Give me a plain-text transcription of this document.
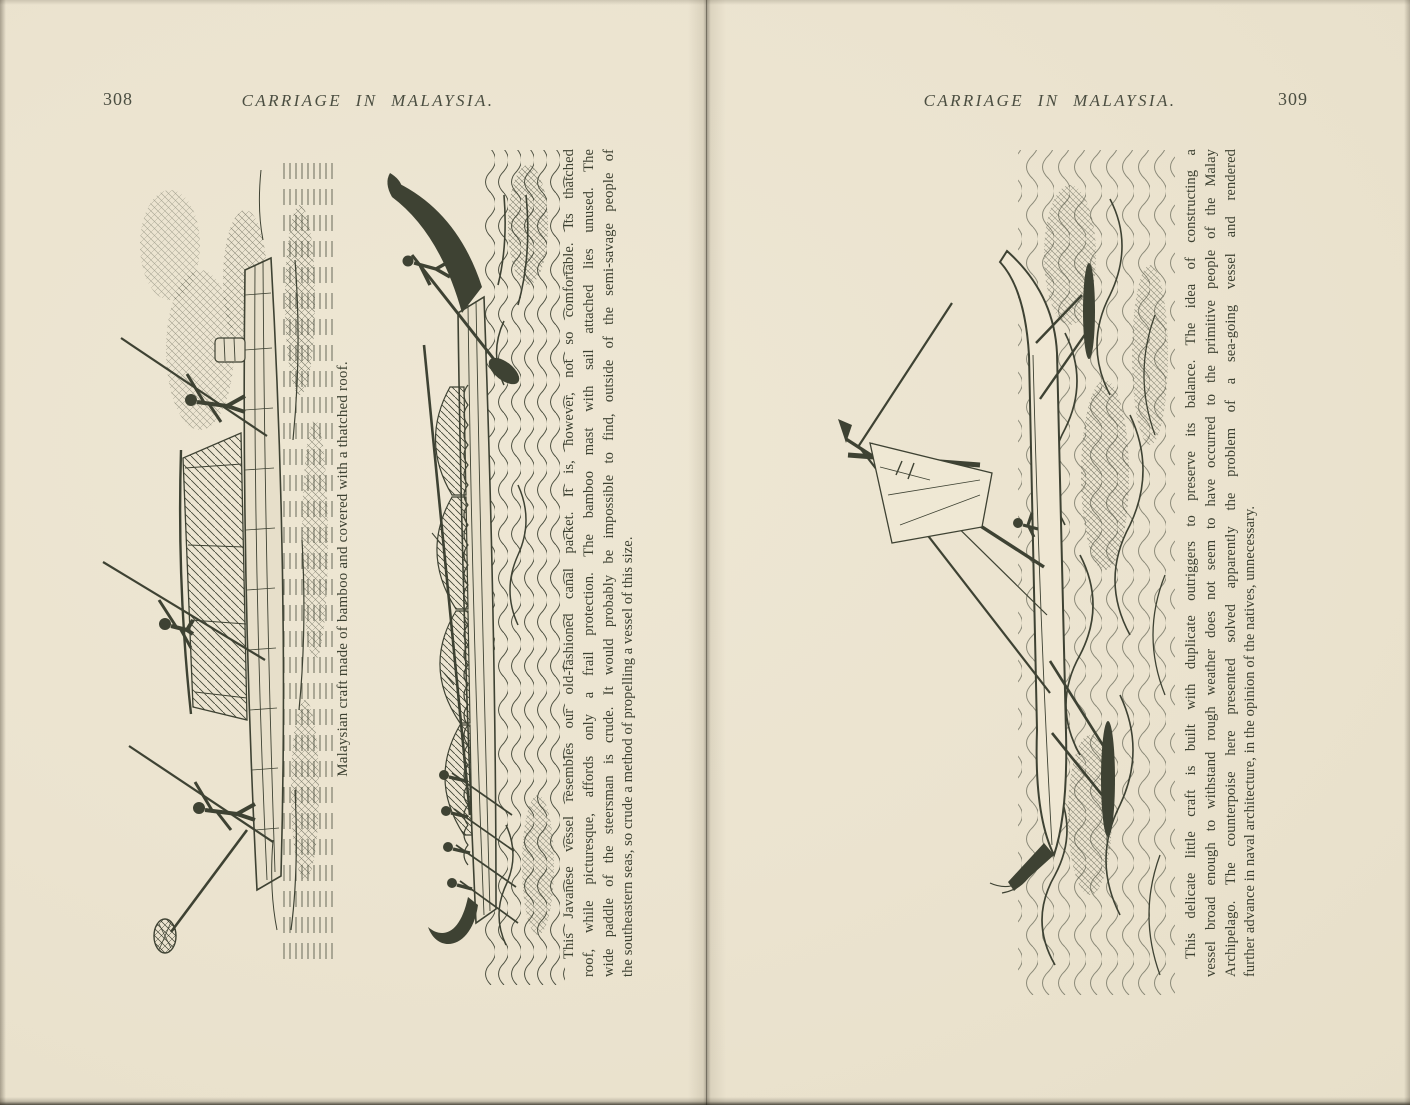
308	CARRIAGE IN MALAYSIA.	CARRIAGE IN MALAYSIA.	309
Malaysian craft made of bamboo and covered with a thatched roof.	This Javanese vessel resembles our old-fashioned canal packet. It is, however, not so comfortable. Its thatched roof, while picturesque, affords only a frail protection. The bamboo mast with sail attached lies unused. The wide paddle of the steersman is crude. It would probably be impossible to find, outside of the semi-savage people of the southeastern seas, so crude a method of propelling a vessel of this size.	This delicate little craft is built with duplicate outriggers to preserve its balance. The idea of constructing a vessel broad enough to withstand rough weather does not seem to have occurred to the primitive people of the Malay Archipelago. The counterpoise here presented solved apparently the problem of a sea-going vessel and rendered further advance in naval architecture, in the opinion of the natives, unnecessary.
